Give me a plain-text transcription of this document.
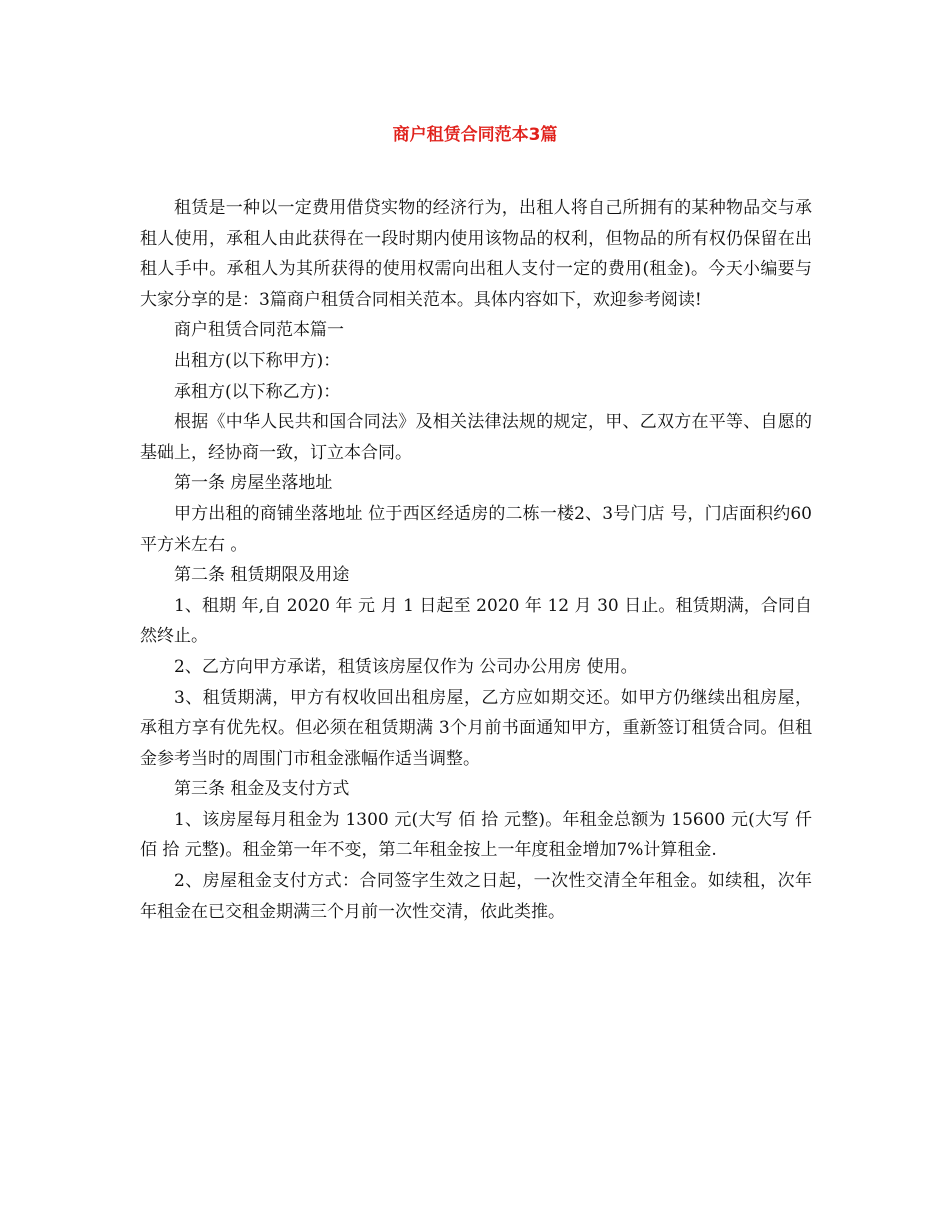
商户租赁合同范本3篇

租赁是一种以一定费用借贷实物的经济行为，出租人将自己所拥有的某种物品交与承租人使用，承租人由此获得在一段时期内使用该物品的权利，但物品的所有权仍保留在出租人手中。承租人为其所获得的使用权需向出租人支付一定的费用(租金)。今天小编要与大家分享的是：3篇商户租赁合同相关范本。具体内容如下，欢迎参考阅读!

商户租赁合同范本篇一

出租方(以下称甲方)：

承租方(以下称乙方)：

根据《中华人民共和国合同法》及相关法律法规的规定，甲、乙双方在平等、自愿的基础上，经协商一致，订立本合同。

第一条 房屋坐落地址

甲方出租的商铺坐落地址 位于西区经适房的二栋一楼2、3号门店 号，门店面积约60平方米左右 。

第二条 租赁期限及用途

1、租期 年,自 2020 年 元 月 1 日起至 2020 年 12 月 30 日止。租赁期满，合同自然终止。

2、乙方向甲方承诺，租赁该房屋仅作为 公司办公用房 使用。

3、租赁期满，甲方有权收回出租房屋，乙方应如期交还。如甲方仍继续出租房屋，承租方享有优先权。但必须在租赁期满 3个月前书面通知甲方，重新签订租赁合同。但租金参考当时的周围门市租金涨幅作适当调整。

第三条 租金及支付方式

1、该房屋每月租金为 1300 元(大写 佰 拾 元整)。年租金总额为 15600 元(大写 仟 佰 拾 元整)。租金第一年不变，第二年租金按上一年度租金增加7%计算租金.

2、房屋租金支付方式：合同签字生效之日起，一次性交清全年租金。如续租，次年年租金在已交租金期满三个月前一次性交清，依此类推。
